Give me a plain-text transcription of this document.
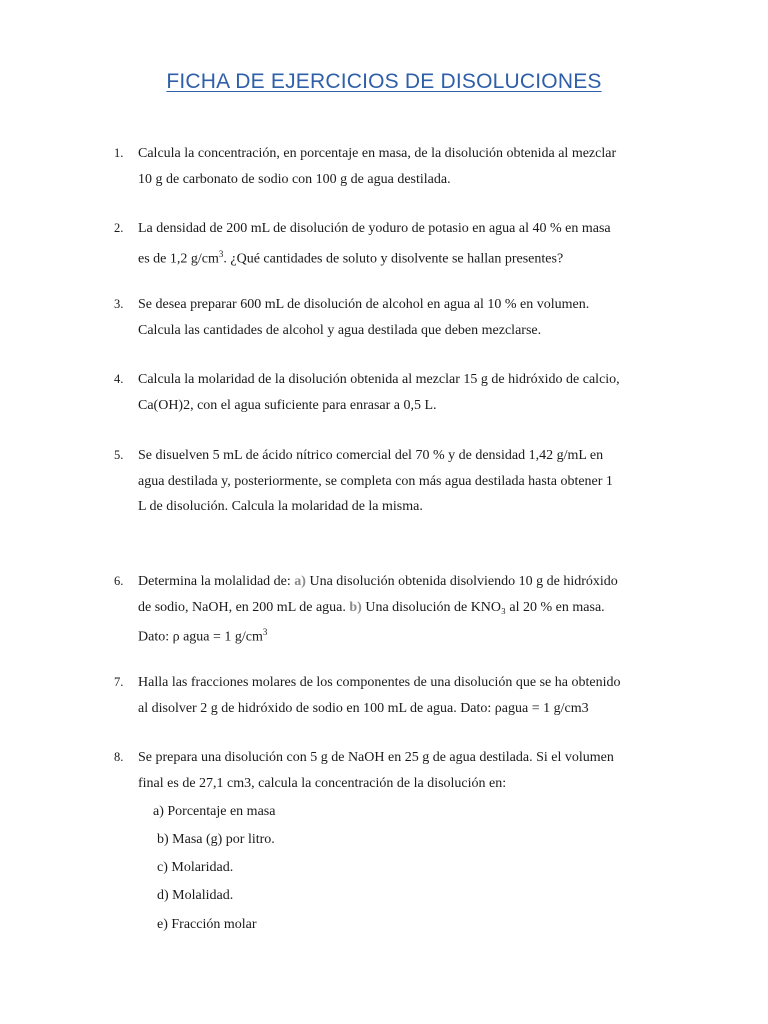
FICHA DE EJERCICIOS DE DISOLUCIONES
1. Calcula la concentración, en porcentaje en masa, de la disolución obtenida al mezclar
10 g de carbonato de sodio con 100 g de agua destilada.
2. La densidad de 200 mL de disolución de yoduro de potasio en agua al 40 % en masa
es de 1,2 $g/cm^3$. ¿Qué cantidades de soluto y disolvente se hallan presentes?
3. Se desea preparar 600 mL de disolución de alcohol en agua al 10 % en volumen.
Calcula las cantidades de alcohol y agua destilada que deben mezclarse.
4. Calcula la molaridad de la disolución obtenida al mezclar 15 g de hidróxido de calcio,
Ca(OH)2, con el agua suficiente para enrasar a 0,5 L.
5. Se disuelven 5 mL de ácido nítrico comercial del 70 % y de densidad 1,42 g/mL en
agua destilada y, posteriormente, se completa con más agua destilada hasta obtener 1
L de disolución. Calcula la molaridad de la misma.
6. Determina la molalidad de: a) Una disolución obtenida disolviendo 10 g de hidróxido
de sodio, NaOH, en 200 mL de agua. b) Una disolución de KNO₃ al 20 % en masa.
Dato: ρ agua = 1 $g/cm^3$
7. Halla las fracciones molares de los componentes de una disolución que se ha obtenido
al disolver 2 g de hidróxido de sodio en 100 mL de agua. Dato: ρagua = 1 g/cm3
8. Se prepara una disolución con 5 g de NaOH en 25 g de agua destilada. Si el volumen
final es de 27,1 cm3, calcula la concentración de la disolución en:
a) Porcentaje en masa
b) Masa (g) por litro.
c) Molaridad.
d) Molalidad.
e) Fracción molar
